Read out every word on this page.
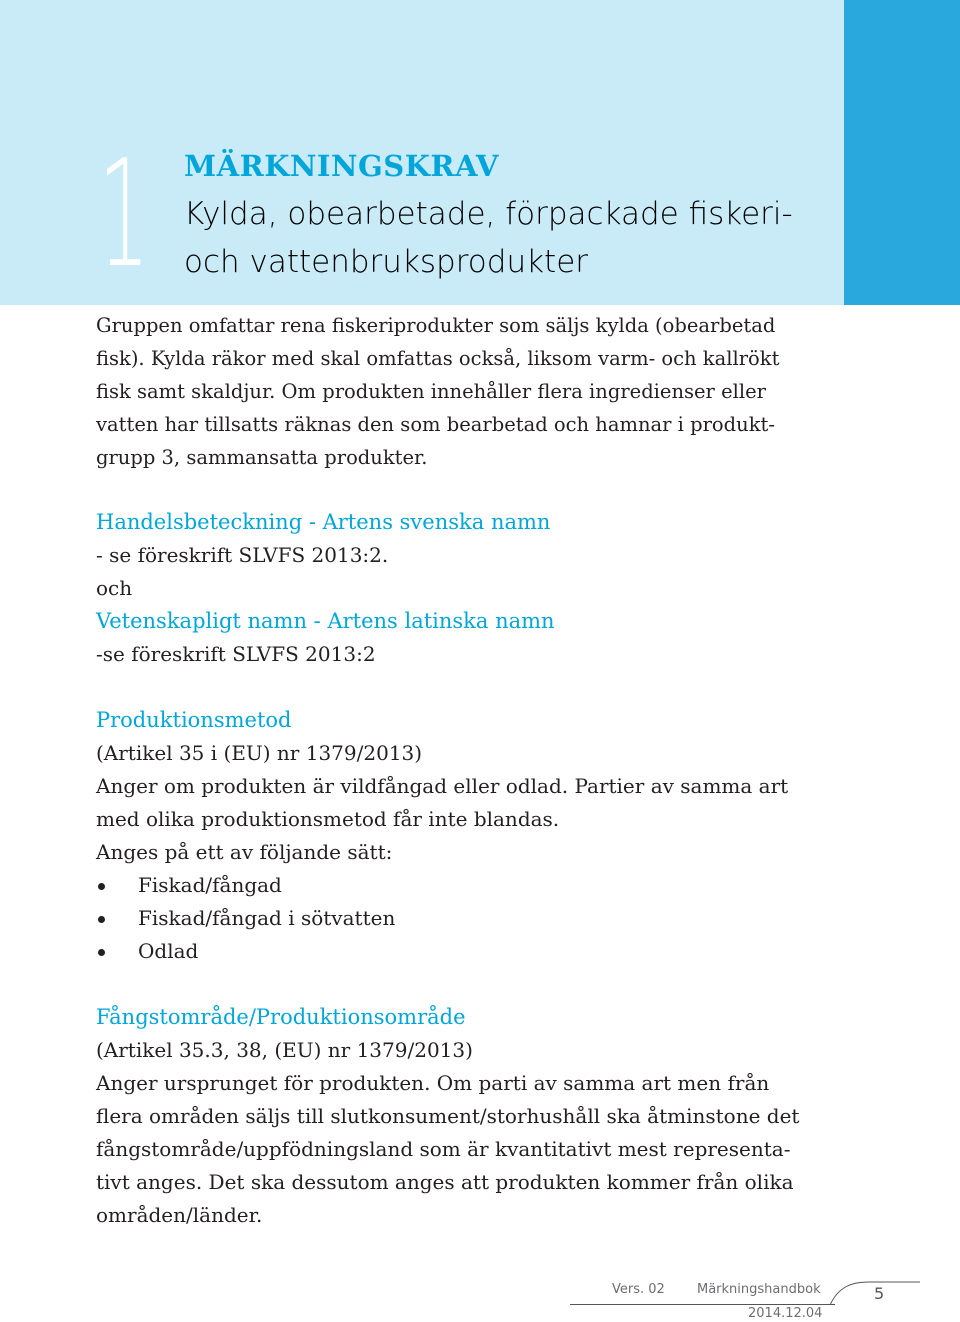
1 MÄRKNINGSKRAV
Kylda, obearbetade, förpackade fiskeri-
och vattenbruksprodukter

Gruppen omfattar rena fiskeriprodukter som säljs kylda (obearbetad

fisk). Kylda räkor med skal omfattas också, liksom varm- och kallrökt

fisk samt skaldjur. Om produkten innehåller flera ingredienser eller

vatten har tillsatts räknas den som bearbetad och hamnar i produkt-

grupp 3, sammansatta produkter.

Handelsbeteckning - Artens svenska namn

- se föreskrift SLVFS 2013:2.

och

Vetenskapligt namn - Artens latinska namn

-se föreskrift SLVFS 2013:2

Produktionsmetod

(Artikel 35 i (EU) nr 1379/2013)

Anger om produkten är vildfångad eller odlad. Partier av samma art

med olika produktionsmetod får inte blandas.

Anges på ett av följande sätt:

Fiskad/fångad
Fiskad/fångad i sötvatten
Odlad

Fångstområde/Produktionsområde

(Artikel 35.3, 38, (EU) nr 1379/2013)

Anger ursprunget för produkten. Om parti av samma art men från

flera områden säljs till slutkonsument/storhushåll ska åtminstone det

fångstområde/uppfödningsland som är kvantitativt mest representa-

tivt anges. Det ska dessutom anges att produkten kommer från olika

områden/länder.

Vers. 02 Märkningshandbok
2014.12.04
5
